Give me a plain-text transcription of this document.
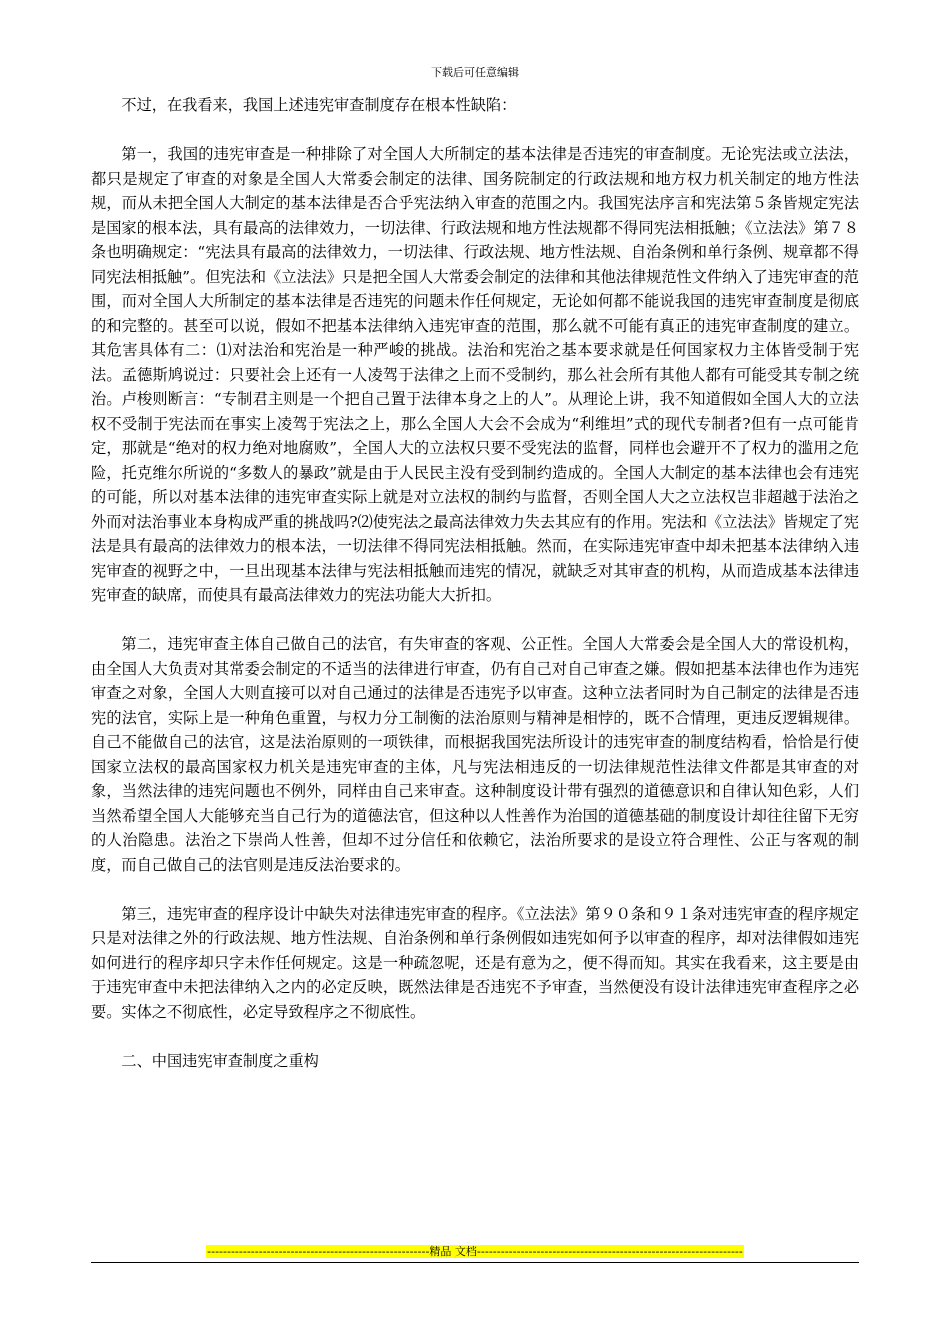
下载后可任意编辑

不过，在我看来，我国上述违宪审查制度存在根本性缺陷：

第一，我国的违宪审查是一种排除了对全国人大所制定的基本法律是否违宪的审查制度。无论宪法或立法法，都只是规定了审查的对象是全国人大常委会制定的法律、国务院制定的行政法规和地方权力机关制定的地方性法规，而从未把全国人大制定的基本法律是否合乎宪法纳入审查的范围之内。我国宪法序言和宪法第５条皆规定宪法是国家的根本法，具有最高的法律效力，一切法律、行政法规和地方性法规都不得同宪法相抵触；《立法法》第７８条也明确规定：“宪法具有最高的法律效力，一切法律、行政法规、地方性法规、自治条例和单行条例、规章都不得同宪法相抵触”。但宪法和《立法法》只是把全国人大常委会制定的法律和其他法律规范性文件纳入了违宪审查的范围，而对全国人大所制定的基本法律是否违宪的问题未作任何规定，无论如何都不能说我国的违宪审查制度是彻底的和完整的。甚至可以说，假如不把基本法律纳入违宪审查的范围，那么就不可能有真正的违宪审查制度的建立。其危害具体有二：⑴对法治和宪治是一种严峻的挑战。法治和宪治之基本要求就是任何国家权力主体皆受制于宪法。孟德斯鸠说过：只要社会上还有一人凌驾于法律之上而不受制约，那么社会所有其他人都有可能受其专制之统治。卢梭则断言：“专制君主则是一个把自己置于法律本身之上的人”。从理论上讲，我不知道假如全国人大的立法权不受制于宪法而在事实上凌驾于宪法之上，那么全国人大会不会成为“利维坦”式的现代专制者?但有一点可能肯定，那就是“绝对的权力绝对地腐败”，全国人大的立法权只要不受宪法的监督，同样也会避开不了权力的滥用之危险，托克维尔所说的“多数人的暴政”就是由于人民民主没有受到制约造成的。全国人大制定的基本法律也会有违宪的可能，所以对基本法律的违宪审查实际上就是对立法权的制约与监督，否则全国人大之立法权岂非超越于法治之外而对法治事业本身构成严重的挑战吗?⑵使宪法之最高法律效力失去其应有的作用。宪法和《立法法》皆规定了宪法是具有最高的法律效力的根本法，一切法律不得同宪法相抵触。然而，在实际违宪审查中却未把基本法律纳入违宪审查的视野之中，一旦出现基本法律与宪法相抵触而违宪的情况，就缺乏对其审查的机构，从而造成基本法律违宪审查的缺席，而使具有最高法律效力的宪法功能大大折扣。

第二，违宪审查主体自己做自己的法官，有失审查的客观、公正性。全国人大常委会是全国人大的常设机构，由全国人大负责对其常委会制定的不适当的法律进行审查，仍有自己对自己审查之嫌。假如把基本法律也作为违宪审查之对象，全国人大则直接可以对自己通过的法律是否违宪予以审查。这种立法者同时为自己制定的法律是否违宪的法官，实际上是一种角色重置，与权力分工制衡的法治原则与精神是相悖的，既不合情理，更违反逻辑规律。自己不能做自己的法官，这是法治原则的一项铁律，而根据我国宪法所设计的违宪审查的制度结构看，恰恰是行使国家立法权的最高国家权力机关是违宪审查的主体，凡与宪法相违反的一切法律规范性法律文件都是其审查的对象，当然法律的违宪问题也不例外，同样由自己来审查。这种制度设计带有强烈的道德意识和自律认知色彩，人们当然希望全国人大能够充当自己行为的道德法官，但这种以人性善作为治国的道德基础的制度设计却往往留下无穷的人治隐患。法治之下崇尚人性善，但却不过分信任和依赖它，法治所要求的是设立符合理性、公正与客观的制度，而自己做自己的法官则是违反法治要求的。

第三，违宪审查的程序设计中缺失对法律违宪审查的程序。《立法法》第９０条和９１条对违宪审查的程序规定只是对法律之外的行政法规、地方性法规、自治条例和单行条例假如违宪如何予以审查的程序，却对法律假如违宪如何进行的程序却只字未作任何规定。这是一种疏忽呢，还是有意为之，便不得而知。其实在我看来，这主要是由于违宪审查中未把法律纳入之内的必定反映，既然法律是否违宪不予审查，当然便没有设计法律违宪审查程序之必要。实体之不彻底性，必定导致程序之不彻底性。

二、中国违宪审查制度之重构

--------------------------------------------------------精品 文档-------------------------------------------------------------------
